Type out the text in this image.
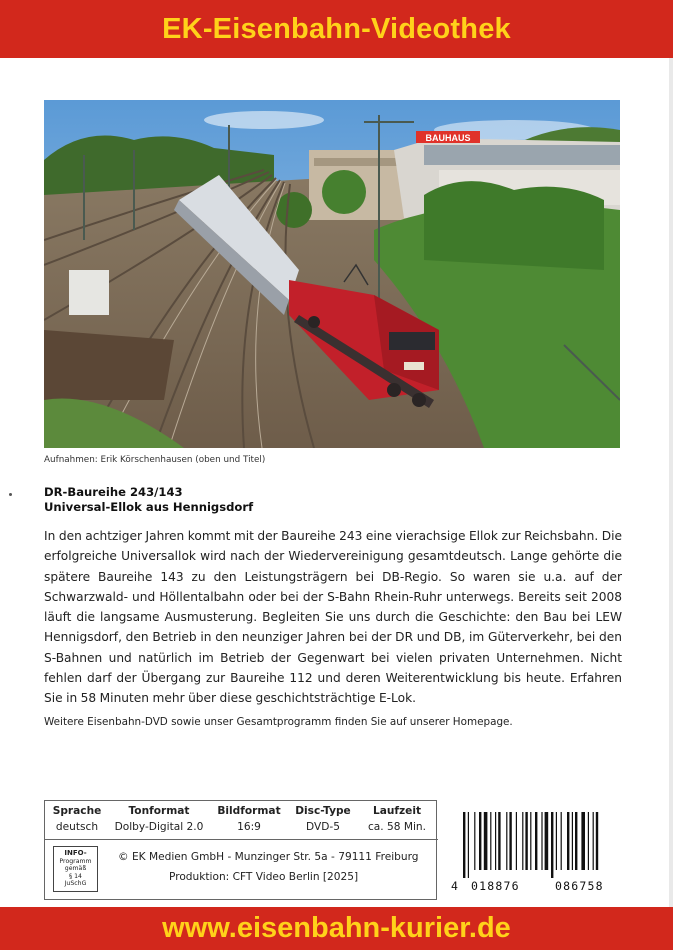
EK-Eisenbahn-Videothek
BAUHAUS
Aufnahmen: Erik Körschenhausen (oben und Titel)
DR-Baureihe 243/143
Universal-Ellok aus Hennigsdorf

In den achtziger Jahren kommt mit der Baureihe 243 eine vierachsige Ellok zur Reichsbahn. Die erfolgreiche Universallok wird nach der Wiedervereinigung gesamtdeutsch. Lange gehörte die spätere Baureihe 143 zu den Leistungsträgern bei DB-Regio. So waren sie u.a. auf der Schwarzwald- und Höllentalbahn oder bei der S-Bahn Rhein-Ruhr unterwegs. Bereits seit 2008 läuft die langsame Ausmusterung. Begleiten Sie uns durch die Geschichte: den Bau bei LEW Hennigsdorf, den Betrieb in den neunziger Jahren bei der DR und DB, im Güterverkehr, bei den S-Bahnen und natürlich im Betrieb der Gegenwart bei vielen privaten Unternehmen. Nicht fehlen darf der Übergang zur Baureihe 112 und deren Weiterentwicklung bis heute. Erfahren Sie in 58 Minuten mehr über diese geschichtsträchtige E-Lok.

Weitere Eisenbahn-DVD sowie unser Gesamtprogramm finden Sie auf unserer Homepage.
Sprache
deutsch
Tonformat
Dolby-Digital 2.0
Bildformat
16:9
Disc-Type
DVD-5
Laufzeit
ca. 58 Min.
INFO-
Programm
gemäß
§ 14
JuSchG
© EK Medien GmbH - Munzinger Str. 5a - 79111 Freiburg
Produktion: CFT Video Berlin [2025]
4 018876	086758
www.eisenbahn-kurier.de
